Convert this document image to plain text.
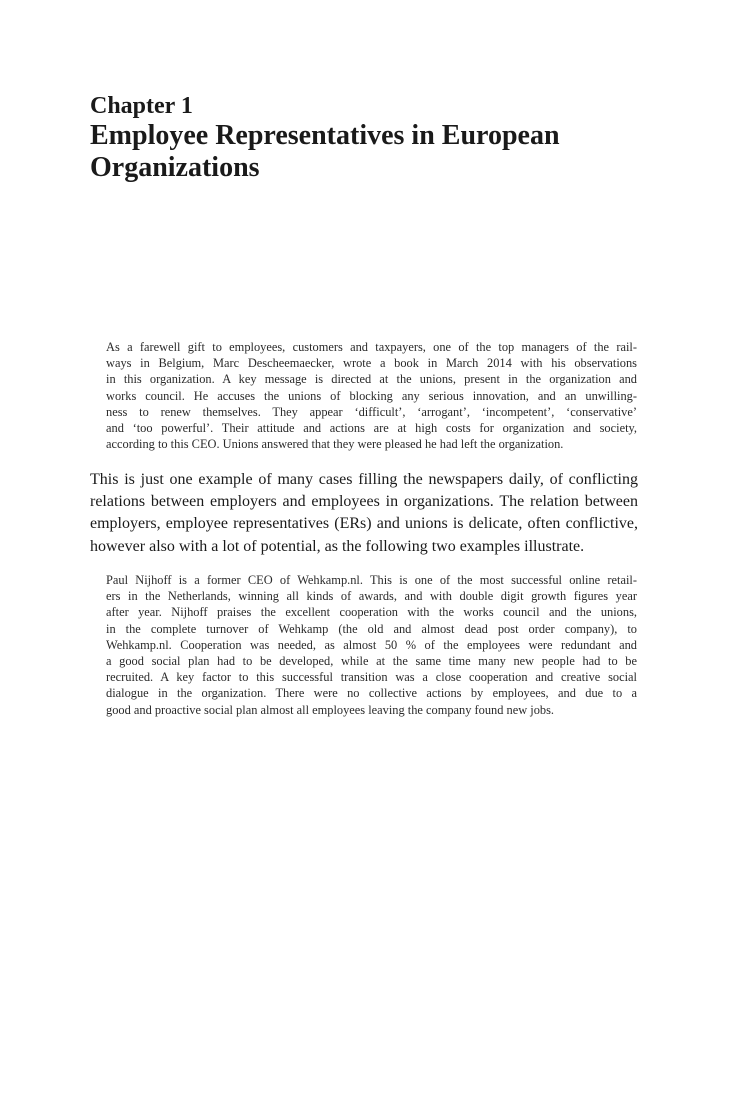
Chapter 1
Employee Representatives in European
Organizations
As a farewell gift to employees, customers and taxpayers, one of the top managers of the rail-
ways in Belgium, Marc Descheemaecker, wrote a book in March 2014 with his observations
in this organization. A key message is directed at the unions, present in the organization and
works council. He accuses the unions of blocking any serious innovation, and an unwilling-
ness to renew themselves. They appear ‘difficult’, ‘arrogant’, ‘incompetent’, ‘conservative’
and ‘too powerful’. Their attitude and actions are at high costs for organization and society,
according to this CEO. Unions answered that they were pleased he had left the organization.
This is just one example of many cases filling the newspapers daily, of conflicting
relations between employers and employees in organizations. The relation between
employers, employee representatives (ERs) and unions is delicate, often conflictive,
however also with a lot of potential, as the following two examples illustrate.
Paul Nijhoff is a former CEO of Wehkamp.nl. This is one of the most successful online retail-
ers in the Netherlands, winning all kinds of awards, and with double digit growth figures year
after year. Nijhoff praises the excellent cooperation with the works council and the unions,
in the complete turnover of Wehkamp (the old and almost dead post order company), to
Wehkamp.nl. Cooperation was needed, as almost 50 % of the employees were redundant and
a good social plan had to be developed, while at the same time many new people had to be
recruited. A key factor to this successful transition was a close cooperation and creative social
dialogue in the organization. There were no collective actions by employees, and due to a
good and proactive social plan almost all employees leaving the company found new jobs.
